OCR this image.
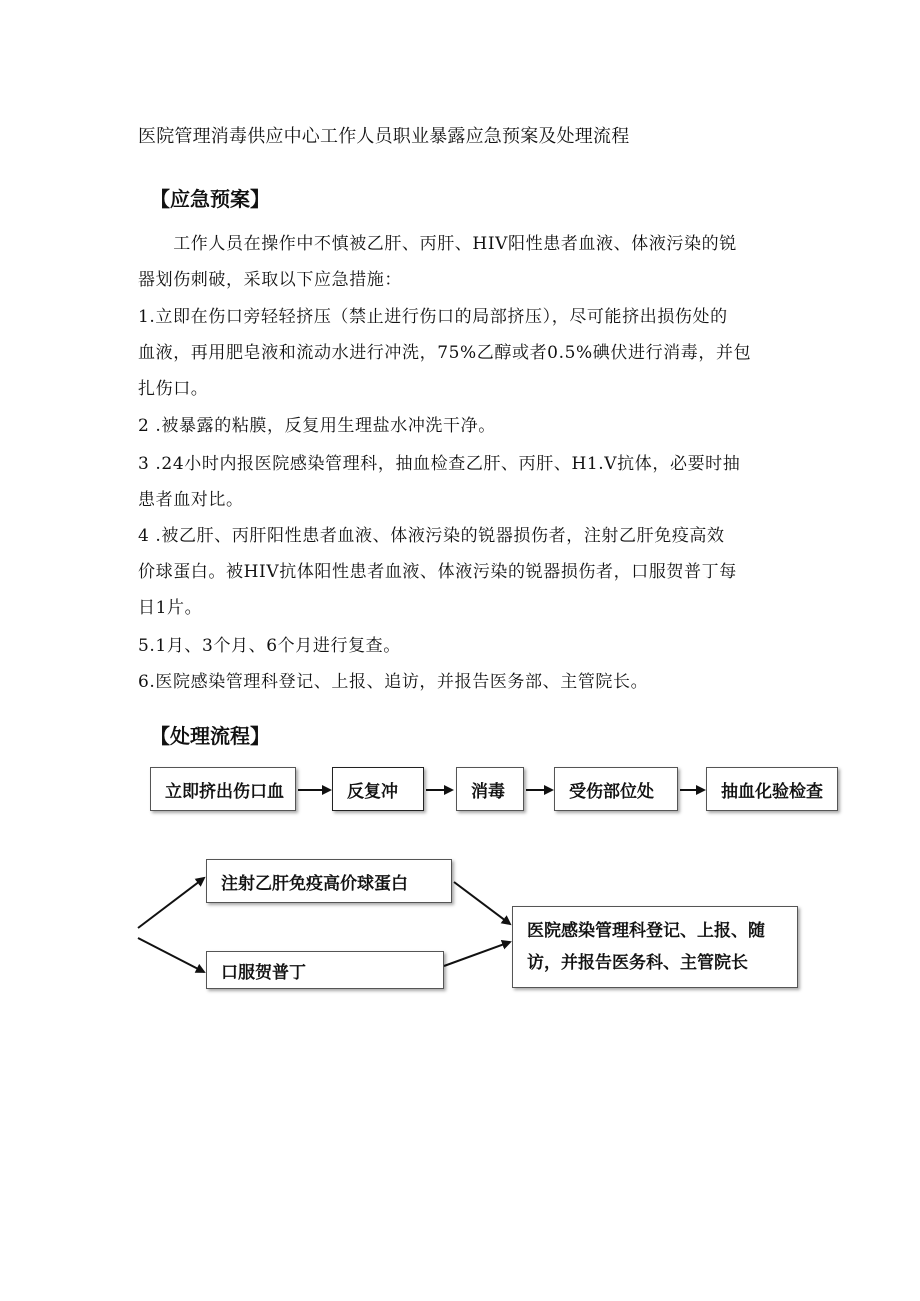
医院管理消毒供应中心工作人员职业暴露应急预案及处理流程
【应急预案】
　　工作人员在操作中不慎被乙肝、丙肝、HIV阳性患者血液、体液污染的锐
器划伤刺破，采取以下应急措施：
1.立即在伤口旁轻轻挤压（禁止进行伤口的局部挤压），尽可能挤出损伤处的
血液，再用肥皂液和流动水进行冲洗，75%乙醇或者0.5%碘伏进行消毒，并包
扎伤口。
2 .被暴露的粘膜，反复用生理盐水冲洗干净。
3 .24小时内报医院感染管理科，抽血检查乙肝、丙肝、H1.V抗体，必要时抽
患者血对比。
4 .被乙肝、丙肝阳性患者血液、体液污染的锐器损伤者，注射乙肝免疫高效
价球蛋白。被HIV抗体阳性患者血液、体液污染的锐器损伤者，口服贺普丁每
日1片。
5.1月、3个月、6个月进行复查。
6.医院感染管理科登记、上报、追访，并报告医务部、主管院长。
【处理流程】
立即挤出伤口血	反复冲	消毒	受伤部位处	抽血化验检查
注射乙肝免疫高价球蛋白
口服贺普丁
医院感染管理科登记、上报、随
访，并报告医务科、主管院长
